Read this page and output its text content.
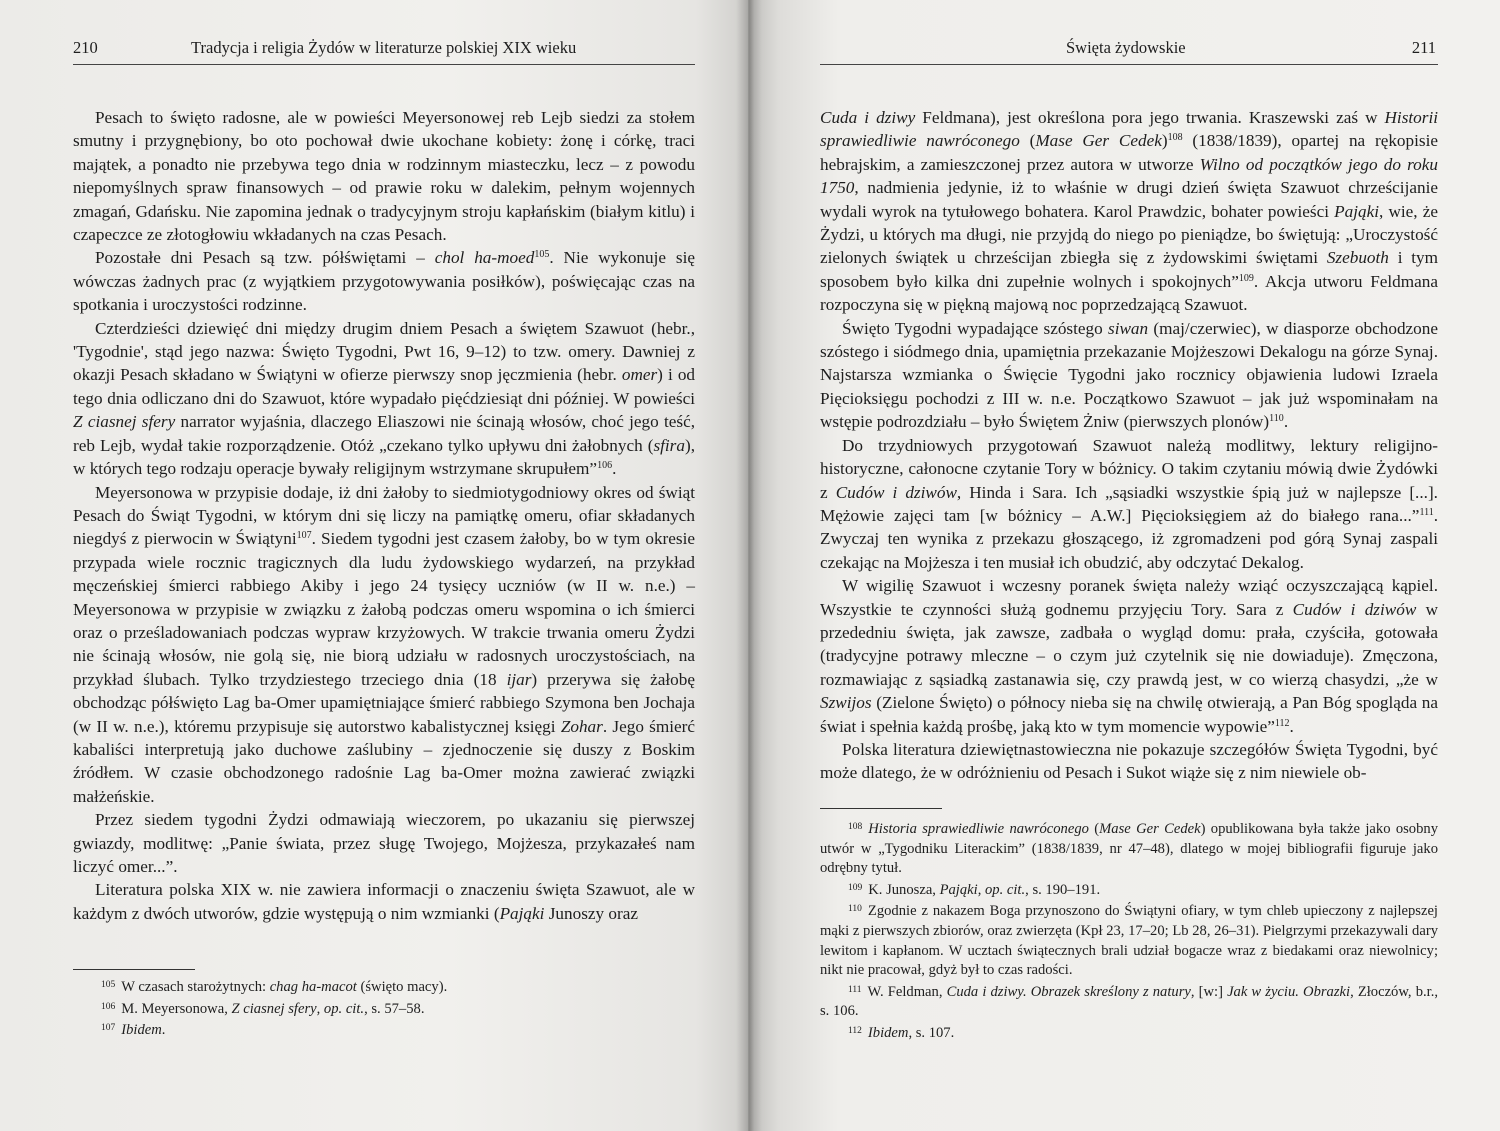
210	Tradycja i religia Żydów w literaturze polskiej XIX wieku

Pesach to święto radosne, ale w powieści Meyersonowej reb Lejb siedzi za stołem smutny i przygnębiony, bo oto pochował dwie ukochane kobiety: żonę i córkę, traci majątek, a ponadto nie przebywa tego dnia w rodzinnym miasteczku, lecz – z powodu niepomyślnych spraw finansowych – od prawie roku w dalekim, pełnym wojennych zmagań, Gdańsku. Nie zapomina jednak o tradycyjnym stroju kapłańskim (białym kitlu) i czapeczce ze złotogłowiu wkładanych na czas Pesach.

Pozostałe dni Pesach są tzw. półświętami – chol ha-moed$^{105}$. Nie wykonuje się wówczas żadnych prac (z wyjątkiem przygotowywania posiłków), poświęcając czas na spotkania i uroczystości rodzinne.

Czterdzieści dziewięć dni między drugim dniem Pesach a świętem Szawuot (hebr., 'Tygodnie', stąd jego nazwa: Święto Tygodni, Pwt 16, 9–12) to tzw. omery. Dawniej z okazji Pesach składano w Świątyni w ofierze pierwszy snop jęczmienia (hebr. omer) i od tego dnia odliczano dni do Szawuot, które wypadało pięćdziesiąt dni później. W powieści Z ciasnej sfery narrator wyjaśnia, dlaczego Eliaszowi nie ścinają włosów, choć jego teść, reb Lejb, wydał takie rozporządzenie. Otóż „czekano tylko upływu dni żałobnych (sfira), w których tego rodzaju operacje bywały religijnym wstrzymane skrupułem”$^{106}$.

Meyersonowa w przypisie dodaje, iż dni żałoby to siedmiotygodniowy okres od świąt Pesach do Świąt Tygodni, w którym dni się liczy na pamiątkę omeru, ofiar składanych niegdyś z pierwocin w Świątyni$^{107}$. Siedem tygodni jest czasem żałoby, bo w tym okresie przypada wiele rocznic tragicznych dla ludu żydowskiego wydarzeń, na przykład męczeńskiej śmierci rabbiego Akiby i jego 24 tysięcy uczniów (w II w. n.e.) – Meyersonowa w przypisie w związku z żałobą podczas omeru wspomina o ich śmierci oraz o prześladowaniach podczas wypraw krzyżowych. W trakcie trwania omeru Żydzi nie ścinają włosów, nie golą się, nie biorą udziału w radosnych uroczystościach, na przykład ślubach. Tylko trzydziestego trzeciego dnia (18 ijar) przerywa się żałobę obchodząc półświęto Lag ba-Omer upamiętniające śmierć rabbiego Szymona ben Jochaja (w II w. n.e.), któremu przypisuje się autorstwo kabalistycznej księgi Zohar. Jego śmierć kabaliści interpretują jako duchowe zaślubiny – zjednoczenie się duszy z Boskim źródłem. W czasie obchodzonego radośnie Lag ba-Omer można zawierać związki małżeńskie.

Przez siedem tygodni Żydzi odmawiają wieczorem, po ukazaniu się pierwszej gwiazdy, modlitwę: „Panie świata, przez sługę Twojego, Mojżesza, przykazałeś nam liczyć omer...”.

Literatura polska XIX w. nie zawiera informacji o znaczeniu święta Szawuot, ale w każdym z dwóch utworów, gdzie występują o nim wzmianki (Pająki Junoszy oraz

$^{105}$ W czasach starożytnych: chag ha-macot (święto macy).

$^{106}$ M. Meyersonowa, Z ciasnej sfery, op. cit., s. 57–58.

$^{107}$ Ibidem.

Święta żydowskie	211

Cuda i dziwy Feldmana), jest określona pora jego trwania. Kraszewski zaś w Historii sprawiedliwie nawróconego (Mase Ger Cedek)$^{108}$ (1838/1839), opartej na rękopisie hebrajskim, a zamieszczonej przez autora w utworze Wilno od początków jego do roku 1750, nadmienia jedynie, iż to właśnie w drugi dzień święta Szawuot chrześcijanie wydali wyrok na tytułowego bohatera. Karol Prawdzic, bohater powieści Pająki, wie, że Żydzi, u których ma długi, nie przyjdą do niego po pieniądze, bo świętują: „Uroczystość zielonych świątek u chrześcijan zbiegła się z żydowskimi świętami Szebuoth i tym sposobem było kilka dni zupełnie wolnych i spokojnych”$^{109}$. Akcja utworu Feldmana rozpoczyna się w piękną majową noc poprzedzającą Szawuot.

Święto Tygodni wypadające szóstego siwan (maj/czerwiec), w diasporze obchodzone szóstego i siódmego dnia, upamiętnia przekazanie Mojżeszowi Dekalogu na górze Synaj. Najstarsza wzmianka o Święcie Tygodni jako rocznicy objawienia ludowi Izraela Pięcioksięgu pochodzi z III w. n.e. Początkowo Szawuot – jak już wspominałam na wstępie podrozdziału – było Świętem Żniw (pierwszych plonów)$^{110}$.

Do trzydniowych przygotowań Szawuot należą modlitwy, lektury religijno-historyczne, całonocne czytanie Tory w bóżnicy. O takim czytaniu mówią dwie Żydówki z Cudów i dziwów, Hinda i Sara. Ich „sąsiadki wszystkie śpią już w najlepsze [...]. Mężowie zajęci tam [w bóżnicy – A.W.] Pięcioksięgiem aż do białego rana...”$^{111}$. Zwyczaj ten wynika z przekazu głoszącego, iż zgromadzeni pod górą Synaj zaspali czekając na Mojżesza i ten musiał ich obudzić, aby odczytać Dekalog.

W wigilię Szawuot i wczesny poranek święta należy wziąć oczyszczającą kąpiel. Wszystkie te czynności służą godnemu przyjęciu Tory. Sara z Cudów i dziwów w przededniu święta, jak zawsze, zadbała o wygląd domu: prała, czyściła, gotowała (tradycyjne potrawy mleczne – o czym już czytelnik się nie dowiaduje). Zmęczona, rozmawiając z sąsiadką zastanawia się, czy prawdą jest, w co wierzą chasydzi, „że w Szwijos (Zielone Święto) o północy nieba się na chwilę otwierają, a Pan Bóg spogląda na świat i spełnia każdą prośbę, jaką kto w tym momencie wypowie”$^{112}$.

Polska literatura dziewiętnastowieczna nie pokazuje szczegółów Święta Tygodni, być może dlatego, że w odróżnieniu od Pesach i Sukot wiąże się z nim niewiele ob-

$^{108}$ Historia sprawiedliwie nawróconego (Mase Ger Cedek) opublikowana była także jako osobny utwór w „Tygodniku Literackim” (1838/1839, nr 47–48), dlatego w mojej bibliografii figuruje jako odrębny tytuł.

$^{109}$ K. Junosza, Pająki, op. cit., s. 190–191.

$^{110}$ Zgodnie z nakazem Boga przynoszono do Świątyni ofiary, w tym chleb upieczony z najlepszej mąki z pierwszych zbiorów, oraz zwierzęta (Kpł 23, 17–20; Lb 28, 26–31). Pielgrzymi przekazywali dary lewitom i kapłanom. W ucztach świątecznych brali udział bogacze wraz z biedakami oraz niewolnicy; nikt nie pracował, gdyż był to czas radości.

$^{111}$ W. Feldman, Cuda i dziwy. Obrazek skreślony z natury, [w:] Jak w życiu. Obrazki, Złoczów, b.r., s. 106.

$^{112}$ Ibidem, s. 107.
